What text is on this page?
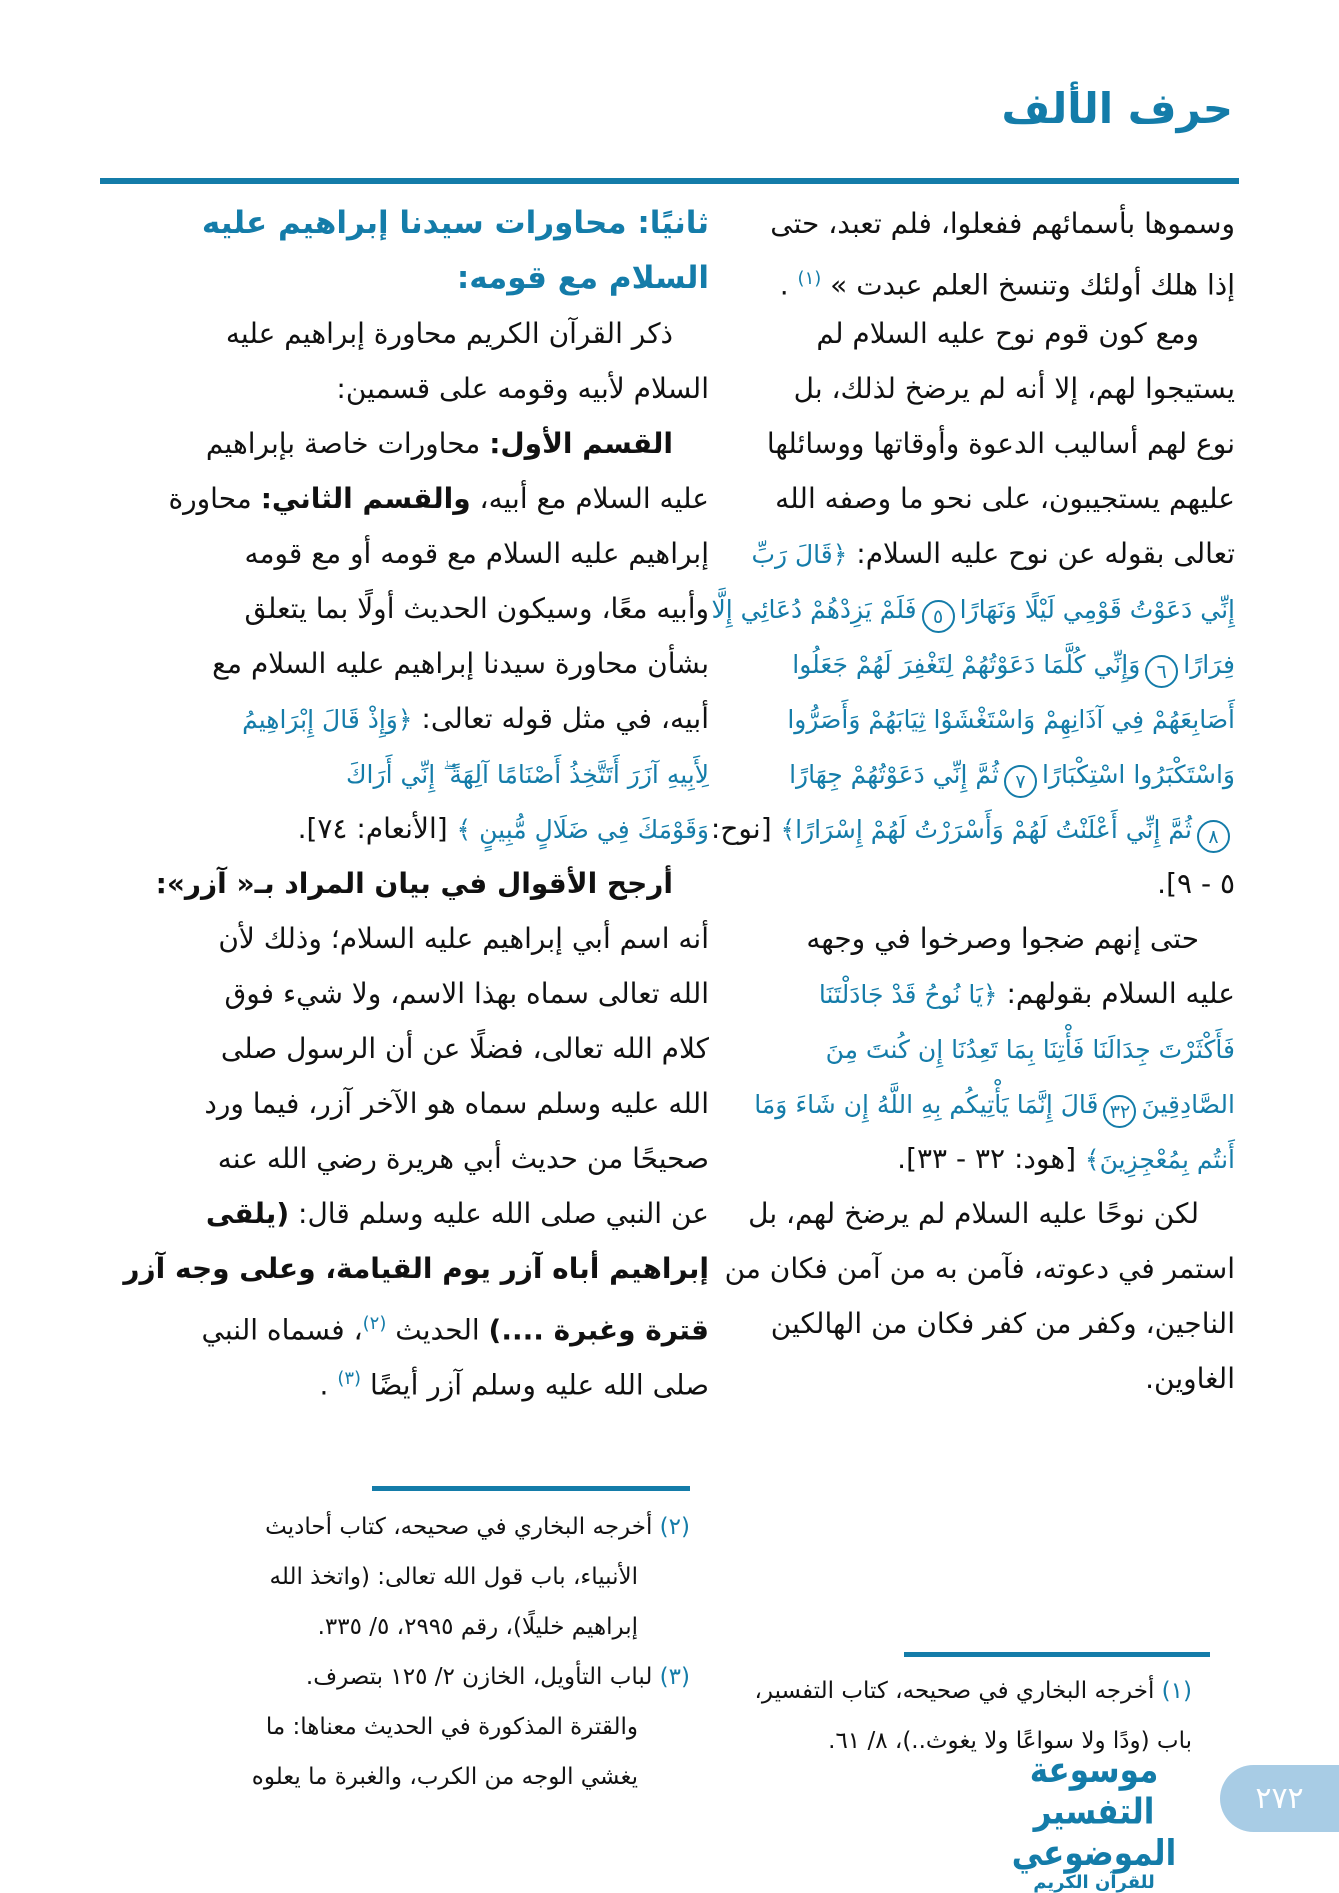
حرف الألف
وسموها بأسمائهم ففعلوا، فلم تعبد، حتى
إذا هلك أولئك وتنسخ العلم عبدت » $^{(١)}$ .
ومع كون قوم نوح عليه السلام لم
يستيجوا لهم، إلا أنه لم يرضخ لذلك، بل
نوع لهم أساليب الدعوة وأوقاتها ووسائلها
عليهم يستجيبون، على نحو ما وصفه الله
تعالى بقوله عن نوح عليه السلام: ﴿قَالَ رَبِّ
إِنِّي دَعَوْتُ قَوْمِي لَيْلًا وَنَهَارًا٥فَلَمْ يَزِدْهُمْ دُعَائِي إِلَّا
فِرَارًا٦وَإِنِّي كُلَّمَا دَعَوْتُهُمْ لِتَغْفِرَ لَهُمْ جَعَلُوا
أَصَابِعَهُمْ فِي آذَانِهِمْ وَاسْتَغْشَوْا ثِيَابَهُمْ وَأَصَرُّوا
وَاسْتَكْبَرُوا اسْتِكْبَارًا٧ثُمَّ إِنِّي دَعَوْتُهُمْ جِهَارًا
٨ثُمَّ إِنِّي أَعْلَنْتُ لَهُمْ وَأَسْرَرْتُ لَهُمْ إِسْرَارًا﴾ [نوح:
٥ - ٩].
حتى إنهم ضجوا وصرخوا في وجهه
عليه السلام بقولهم: ﴿يَا نُوحُ قَدْ جَادَلْتَنَا
فَأَكْثَرْتَ جِدَالَنَا فَأْتِنَا بِمَا تَعِدُنَا إِن كُنتَ مِنَ
الصَّادِقِينَ٣٢قَالَ إِنَّمَا يَأْتِيكُم بِهِ اللَّهُ إِن شَاءَ وَمَا
أَنتُم بِمُعْجِزِينَ﴾ [هود: ٣٢ - ٣٣].
لكن نوحًا عليه السلام لم يرضخ لهم، بل
استمر في دعوته، فآمن به من آمن فكان من
الناجين، وكفر من كفر فكان من الهالكين
الغاوين.
ثانيًا: محاورات سيدنا إبراهيم عليه
السلام مع قومه:
ذكر القرآن الكريم محاورة إبراهيم عليه
السلام لأبيه وقومه على قسمين:
القسم الأول: محاورات خاصة بإبراهيم
عليه السلام مع أبيه، والقسم الثاني: محاورة
إبراهيم عليه السلام مع قومه أو مع قومه
وأبيه معًا، وسيكون الحديث أولًا بما يتعلق
بشأن محاورة سيدنا إبراهيم عليه السلام مع
أبيه، في مثل قوله تعالى: ﴿وَإِذْ قَالَ إِبْرَاهِيمُ
لِأَبِيهِ آزَرَ أَتَتَّخِذُ أَصْنَامًا آلِهَةً ۖ إِنِّي أَرَاكَ
وَقَوْمَكَ فِي ضَلَالٍ مُّبِينٍ ﴾ [الأنعام: ٧٤].
أرجح الأقوال في بيان المراد بـ« آزر»:
أنه اسم أبي إبراهيم عليه السلام؛ وذلك لأن
الله تعالى سماه بهذا الاسم، ولا شيء فوق
كلام الله تعالى، فضلًا عن أن الرسول صلى
الله عليه وسلم سماه هو الآخر آزر، فيما ورد
صحيحًا من حديث أبي هريرة رضي الله عنه
عن النبي صلى الله عليه وسلم قال: (يلقى
إبراهيم أباه آزر يوم القيامة، وعلى وجه آزر
قترة وغبرة ....) الحديث $^{(٢)}$، فسماه النبي
صلى الله عليه وسلم آزر أيضًا $^{(٣)}$ .
(٢) أخرجه البخاري في صحيحه، كتاب أحاديث
الأنبياء، باب قول الله تعالى: (واتخذ الله
إبراهيم خليلًا)، رقم ٢٩٩٥، ٥/ ٣٣٥.
(٣) لباب التأويل، الخازن ٢/ ١٢٥ بتصرف.
والقترة المذكورة في الحديث معناها: ما
يغشي الوجه من الكرب، والغبرة ما يعلوه
(١) أخرجه البخاري في صحيحه، كتاب التفسير،
باب (ودًا ولا سواعًا ولا يغوث..)، ٨/ ٦١.
موسوعة التفسير الموضوعي
للقرآن الكريم
٢٧٢
